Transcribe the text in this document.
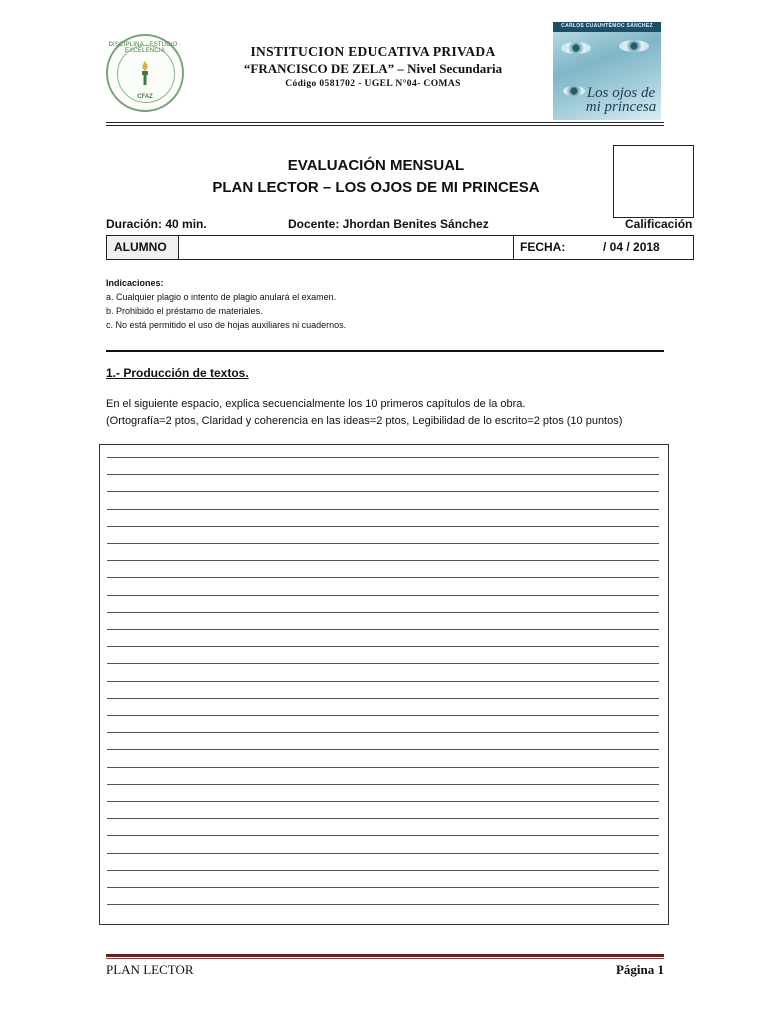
DISCIPLINA · ESTUDIO · EXCELENCIA
CFAZ
INSTITUCION EDUCATIVA PRIVADA
“FRANCISCO DE ZELA” – Nivel Secundaria
Código 0581702 - UGEL N°04- COMAS
CARLOS CUAUHTÉMOC SÁNCHEZ
Los ojos de mi princesa
EVALUACIÓN MENSUAL
PLAN LECTOR – LOS OJOS DE MI PRINCESA
Duración: 40 min.	Docente: Jhordan Benites Sánchez	Calificación
ALUMNO	FECHA:	/ 04 / 2018
Indicaciones:
a. Cualquier plagio o intento de plagio anulará el examen.
b. Prohibido el préstamo de materiales.
c. No está permitido el uso de hojas auxiliares ni cuadernos.
1.- Producción de textos.
En el siguiente espacio, explica secuencialmente los 10 primeros capítulos de la obra.
(Ortografía=2 ptos, Claridad y coherencia en las ideas=2 ptos, Legibilidad de lo escrito=2 ptos (10 puntos)
PLAN LECTOR	Página 1
